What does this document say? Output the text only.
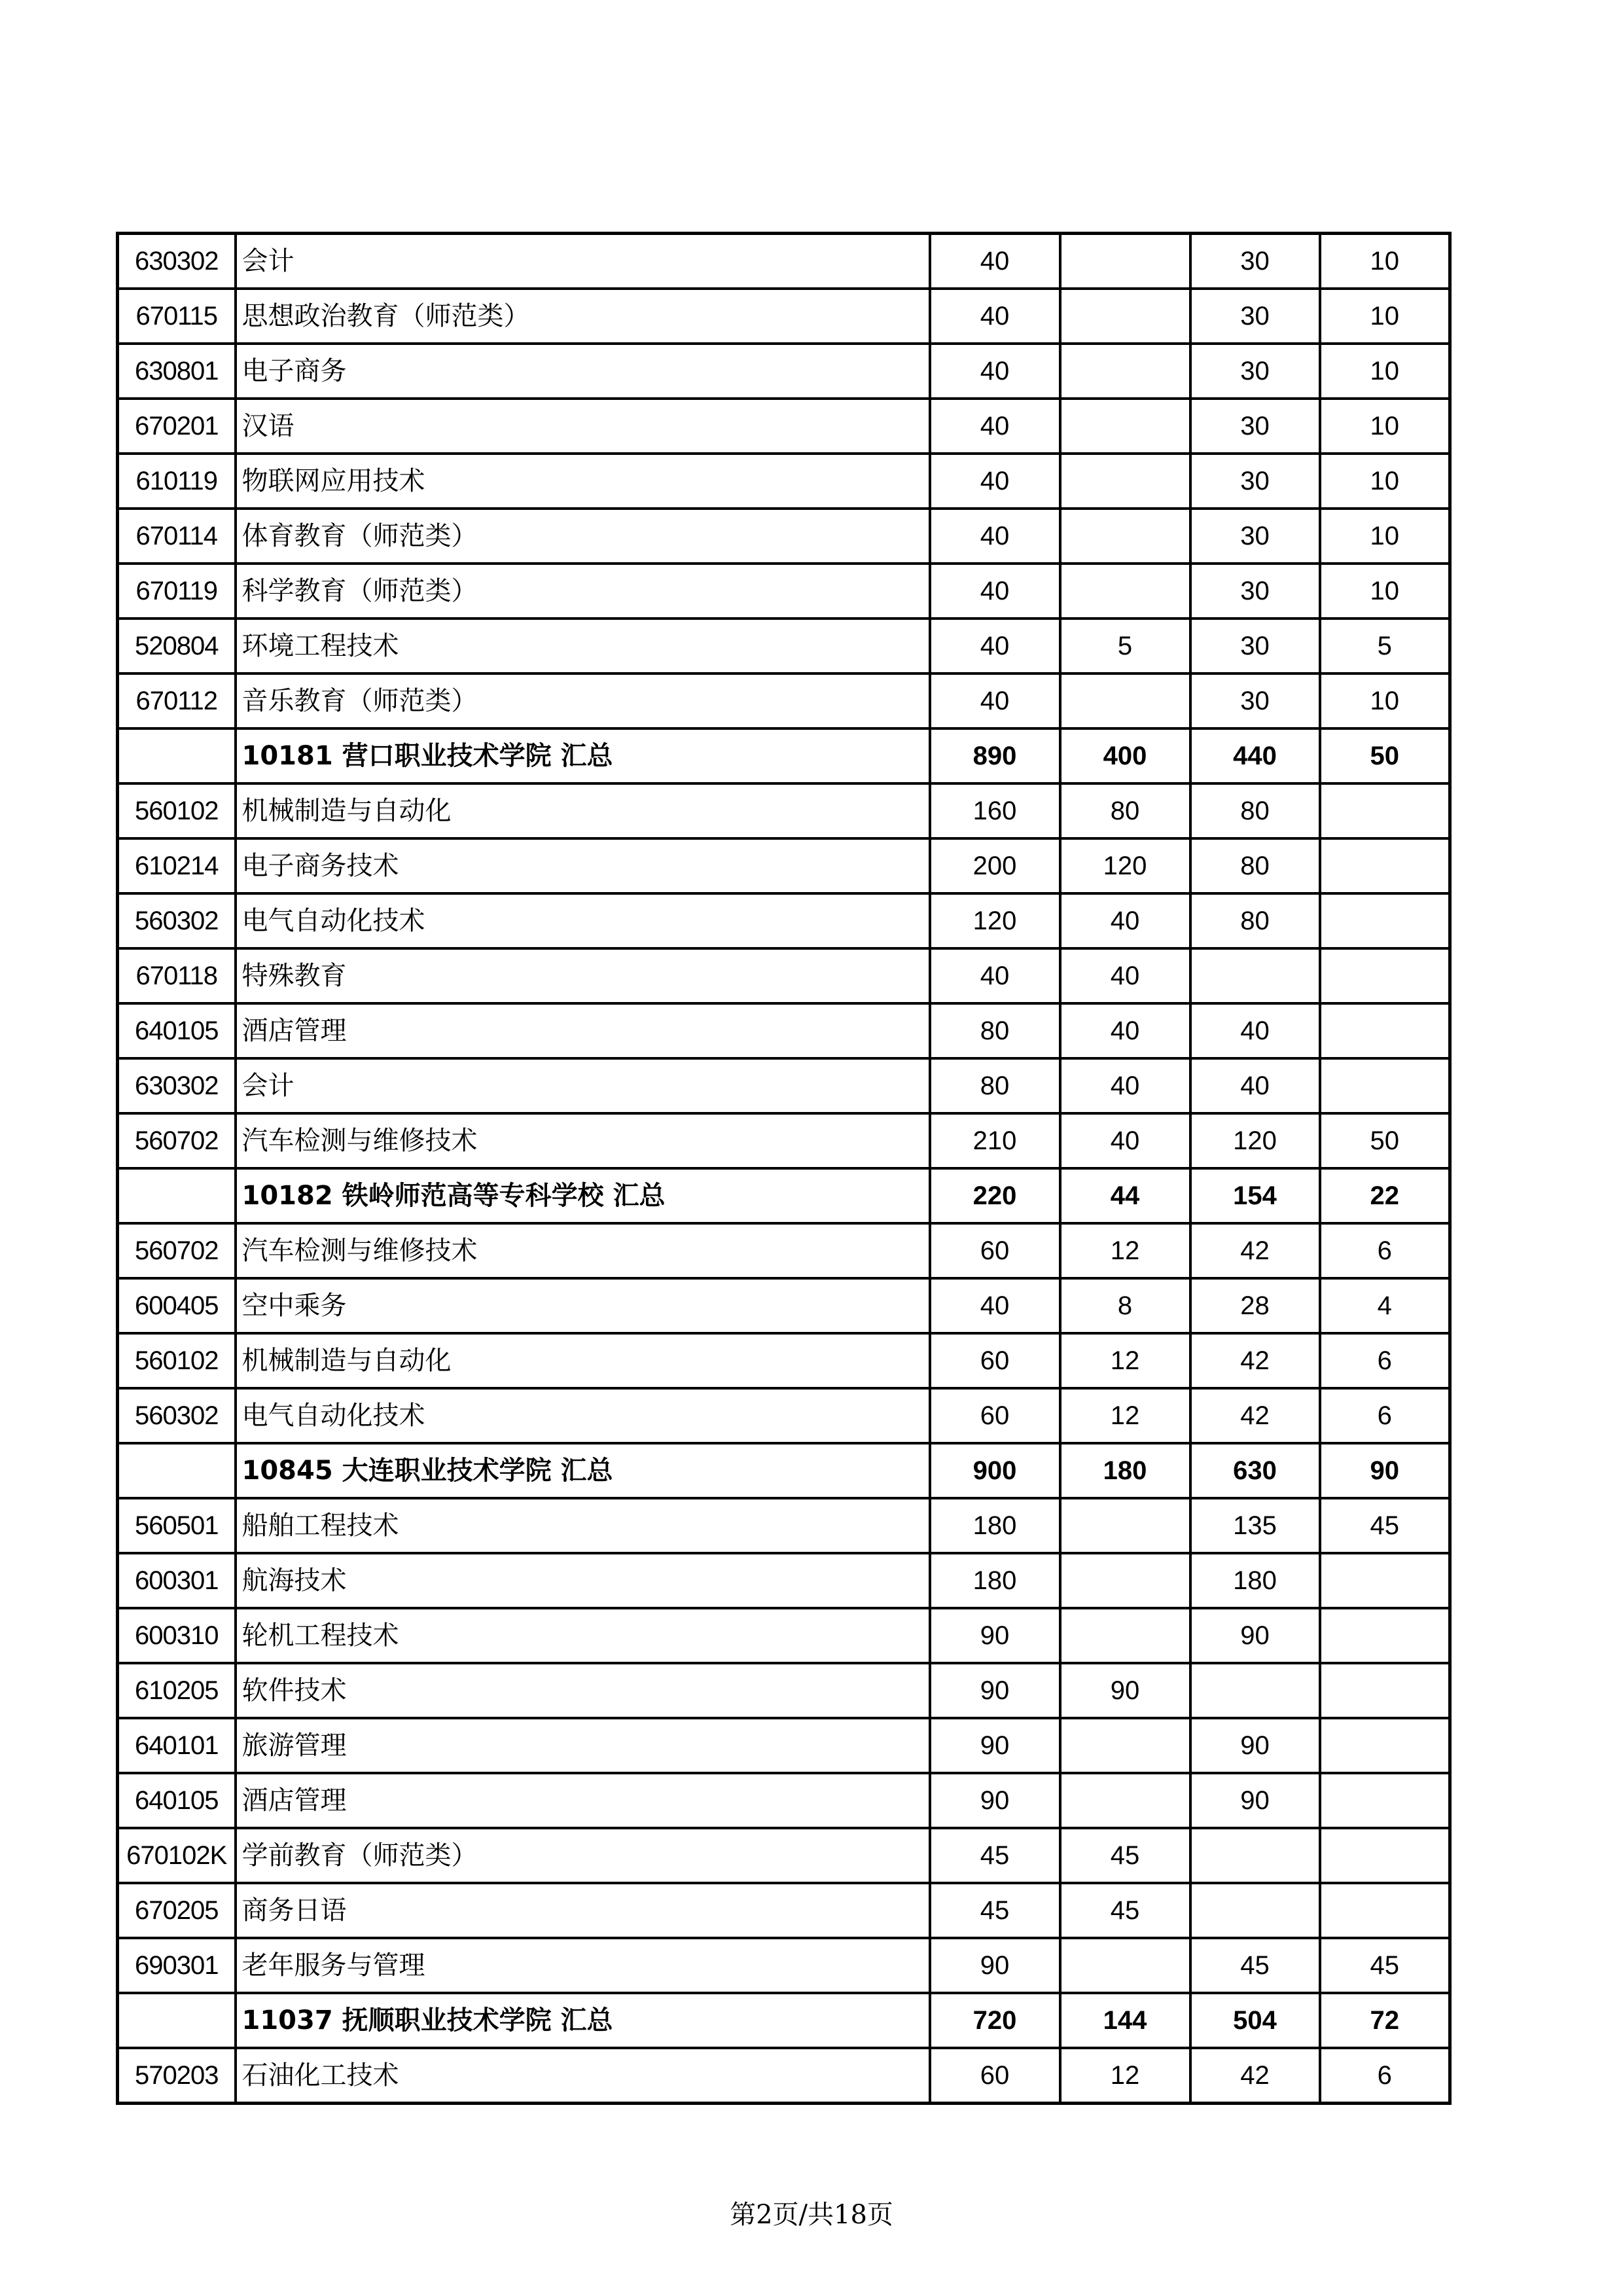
630302	会计	40		30	10
670115	思想政治教育（师范类）	40		30	10
630801	电子商务	40		30	10
670201	汉语	40		30	10
610119	物联网应用技术	40		30	10
670114	体育教育（师范类）	40		30	10
670119	科学教育（师范类）	40		30	10
520804	环境工程技术	40	5	30	5
670112	音乐教育（师范类）	40		30	10
	10181 营口职业技术学院 汇总	890	400	440	50
560102	机械制造与自动化	160	80	80	
610214	电子商务技术	200	120	80	
560302	电气自动化技术	120	40	80	
670118	特殊教育	40	40		
640105	酒店管理	80	40	40	
630302	会计	80	40	40	
560702	汽车检测与维修技术	210	40	120	50
	10182 铁岭师范高等专科学校 汇总	220	44	154	22
560702	汽车检测与维修技术	60	12	42	6
600405	空中乘务	40	8	28	4
560102	机械制造与自动化	60	12	42	6
560302	电气自动化技术	60	12	42	6
	10845 大连职业技术学院 汇总	900	180	630	90
560501	船舶工程技术	180		135	45
600301	航海技术	180		180	
600310	轮机工程技术	90		90	
610205	软件技术	90	90		
640101	旅游管理	90		90	
640105	酒店管理	90		90	
670102K	学前教育（师范类）	45	45		
670205	商务日语	45	45		
690301	老年服务与管理	90		45	45
	11037 抚顺职业技术学院 汇总	720	144	504	72
570203	石油化工技术	60	12	42	6
第2页/共18页
